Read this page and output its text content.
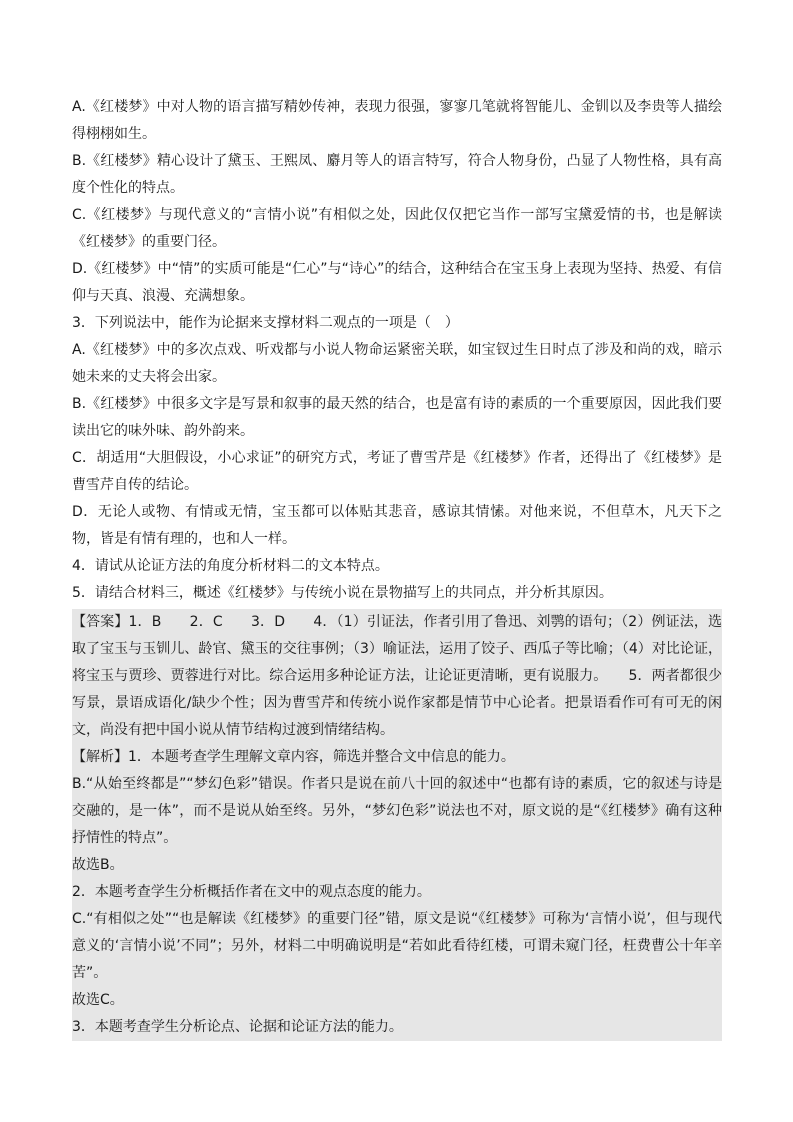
A.《红楼梦》中对人物的语言描写精妙传神，表现力很强，寥寥几笔就将智能儿、金钏以及李贵等人描绘得栩栩如生。

B.《红楼梦》精心设计了黛玉、王熙凤、麝月等人的语言特写，符合人物身份，凸显了人物性格，具有高度个性化的特点。

C.《红楼梦》与现代意义的“言情小说”有相似之处，因此仅仅把它当作一部写宝黛爱情的书，也是解读《红楼梦》的重要门径。

D.《红楼梦》中“情”的实质可能是“仁心”与“诗心”的结合，这种结合在宝玉身上表现为坚持、热爱、有信仰与天真、浪漫、充满想象。

3．下列说法中，能作为论据来支撑材料二观点的一项是（　）

A.《红楼梦》中的多次点戏、听戏都与小说人物命运紧密关联，如宝钗过生日时点了涉及和尚的戏，暗示她未来的丈夫将会出家。

B.《红楼梦》中很多文字是写景和叙事的最天然的结合，也是富有诗的素质的一个重要原因，因此我们要读出它的味外味、韵外韵来。

C．胡适用“大胆假设，小心求证”的研究方式，考证了曹雪芹是《红楼梦》作者，还得出了《红楼梦》是曹雪芹自传的结论。

D．无论人或物、有情或无情，宝玉都可以体贴其悲音，感谅其情愫。对他来说，不但草木，凡天下之物，皆是有情有理的，也和人一样。

4．请试从论证方法的角度分析材料二的文本特点。

5．请结合材料三，概述《红楼梦》与传统小说在景物描写上的共同点，并分析其原因。

【答案】1．B　　2．C　　3．D　　4．（1）引证法，作者引用了鲁迅、刘鹗的语句；（2）例证法，选取了宝玉与玉钏儿、龄官、黛玉的交往事例；（3）喻证法，运用了饺子、西瓜子等比喻；（4）对比论证，将宝玉与贾珍、贾蓉进行对比。综合运用多种论证方法，让论证更清晰，更有说服力。　　5．两者都很少写景，景语成语化/缺少个性；因为曹雪芹和传统小说作家都是情节中心论者。把景语看作可有可无的闲文，尚没有把中国小说从情节结构过渡到情绪结构。

【解析】1．本题考查学生理解文章内容，筛选并整合文中信息的能力。

B.“从始至终都是”“梦幻色彩”错误。作者只是说在前八十回的叙述中“也都有诗的素质，它的叙述与诗是交融的，是一体”，而不是说从始至终。另外，“梦幻色彩”说法也不对，原文说的是“《红楼梦》确有这种抒情性的特点”。

故选B。

2．本题考查学生分析概括作者在文中的观点态度的能力。

C.“有相似之处”“也是解读《红楼梦》的重要门径”错，原文是说“《红楼梦》可称为‘言情小说’，但与现代意义的‘言情小说’不同”；另外，材料二中明确说明是“若如此看待红楼，可谓未窥门径，枉费曹公十年辛苦”。

故选C。

3．本题考查学生分析论点、论据和论证方法的能力。
